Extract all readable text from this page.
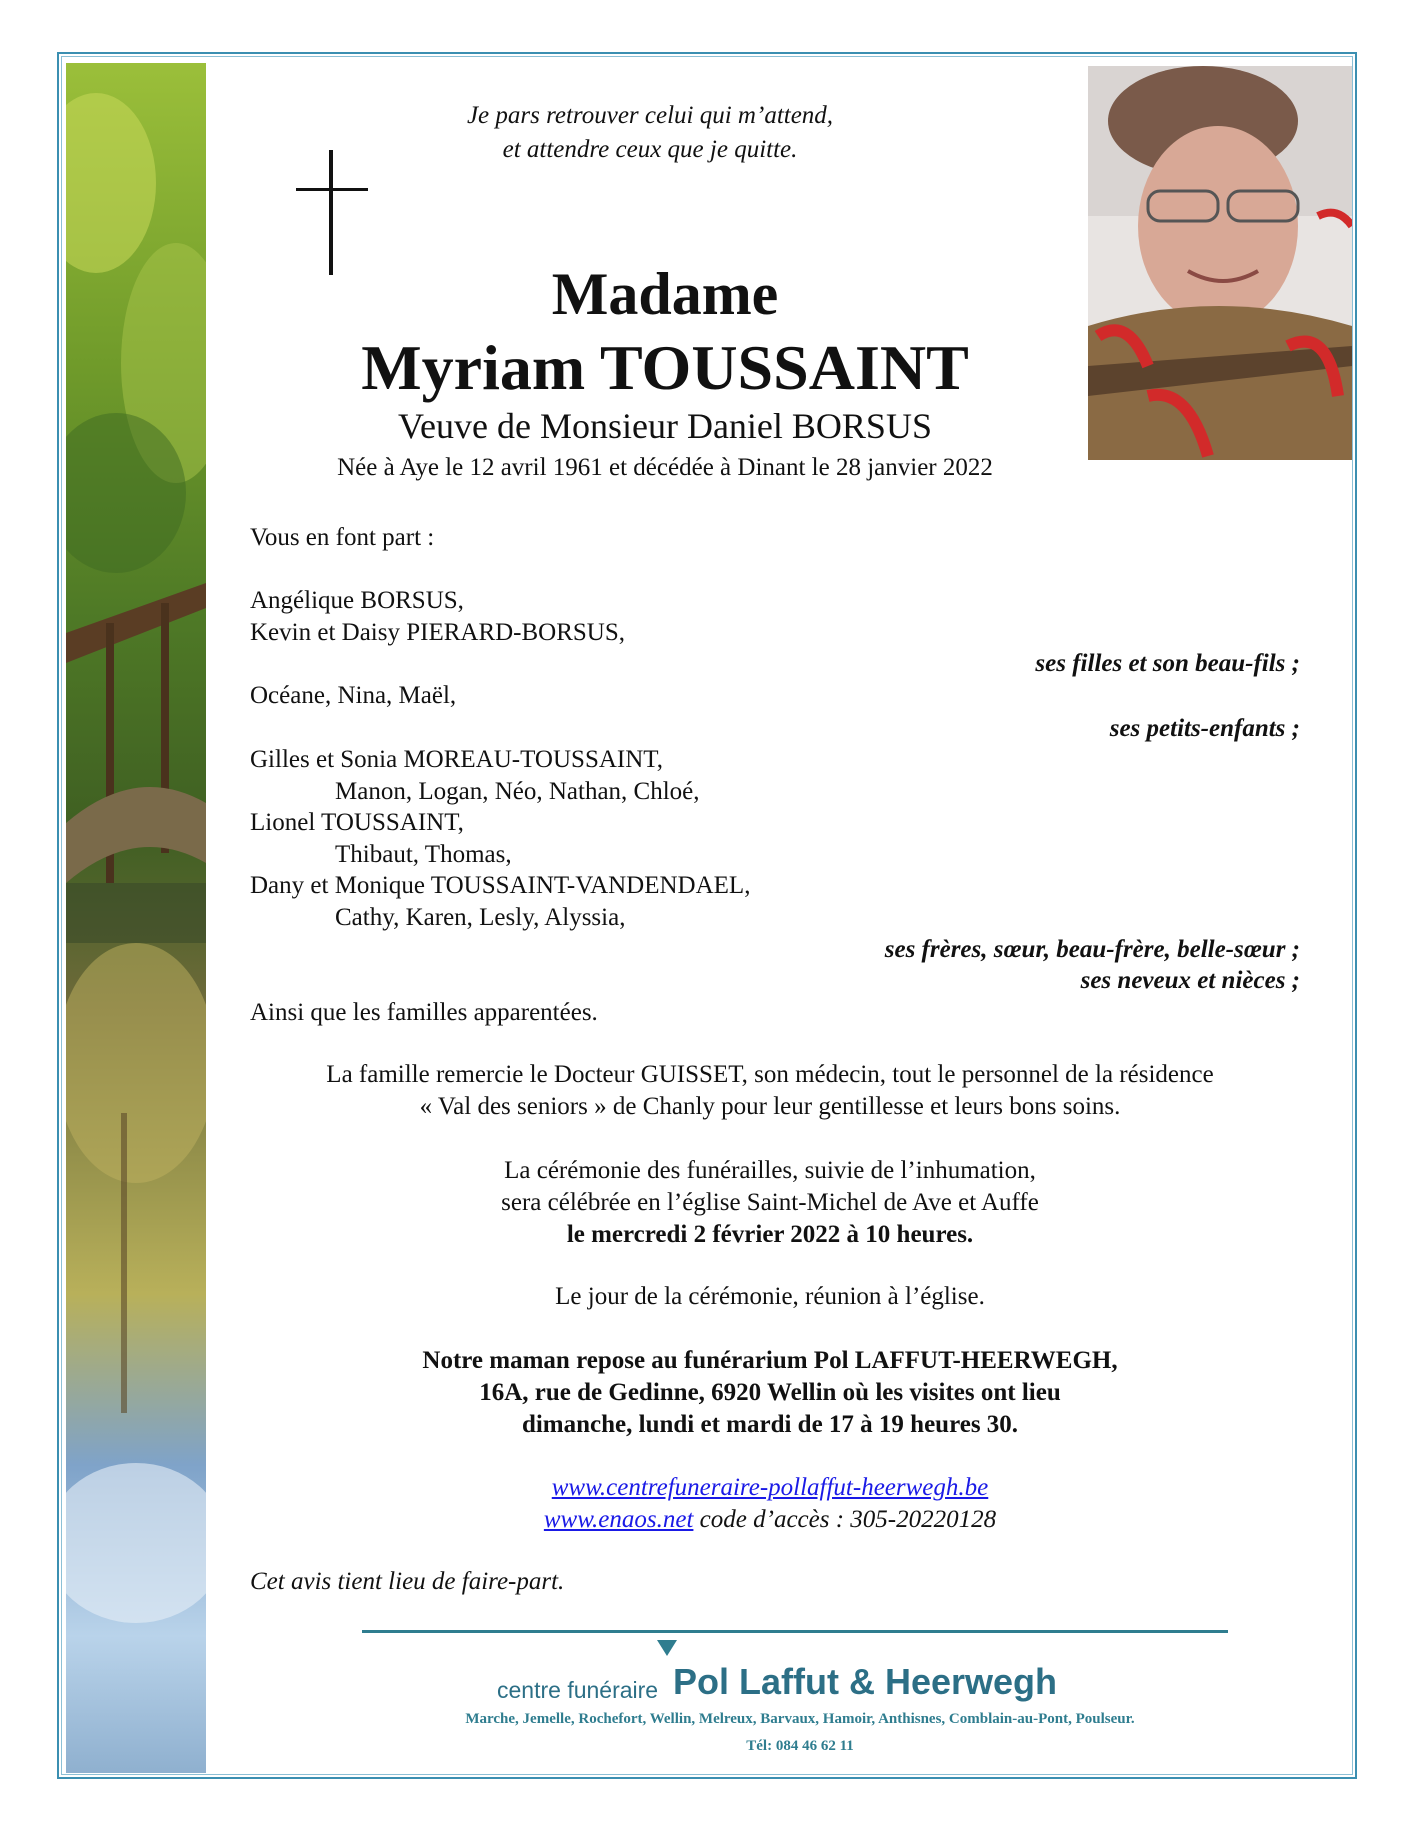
Je pars retrouver celui qui m’attend,
et attendre ceux que je quitte.
Madame
Myriam TOUSSAINT
Veuve de Monsieur Daniel BORSUS
Née à Aye le 12 avril 1961 et décédée à Dinant le 28 janvier 2022
Vous en font part :
Angélique BORSUS,
Kevin et Daisy PIERARD-BORSUS,
ses filles et son beau-fils ;
Océane, Nina, Maël,
ses petits-enfants ;
Gilles et Sonia MOREAU-TOUSSAINT,
Manon, Logan, Néo, Nathan, Chloé,
Lionel TOUSSAINT,
Thibaut, Thomas,
Dany et Monique TOUSSAINT-VANDENDAEL,
Cathy, Karen, Lesly, Alyssia,
ses frères, sœur, beau-frère, belle-sœur ;
ses neveux et nièces ;
Ainsi que les familles apparentées.
La famille remercie le Docteur GUISSET, son médecin, tout le personnel de la résidence
« Val des seniors » de Chanly pour leur gentillesse et leurs bons soins.
La cérémonie des funérailles, suivie de l’inhumation,
sera célébrée en l’église Saint-Michel de Ave et Auffe
le mercredi 2 février 2022 à 10 heures.
Le jour de la cérémonie, réunion à l’église.
Notre maman repose au funérarium Pol LAFFUT-HEERWEGH,
16A, rue de Gedinne, 6920 Wellin où les visites ont lieu
dimanche, lundi et mardi de 17 à 19 heures 30.
www.centrefuneraire-pollaffut-heerwegh.be
www.enaos.net code d’accès : 305-20220128
Cet avis tient lieu de faire-part.
centre funéraire Pol Laffut & Heerwegh
Marche, Jemelle, Rochefort, Wellin, Melreux, Barvaux, Hamoir, Anthisnes, Comblain-au-Pont, Poulseur.
Tél: 084 46 62 11
